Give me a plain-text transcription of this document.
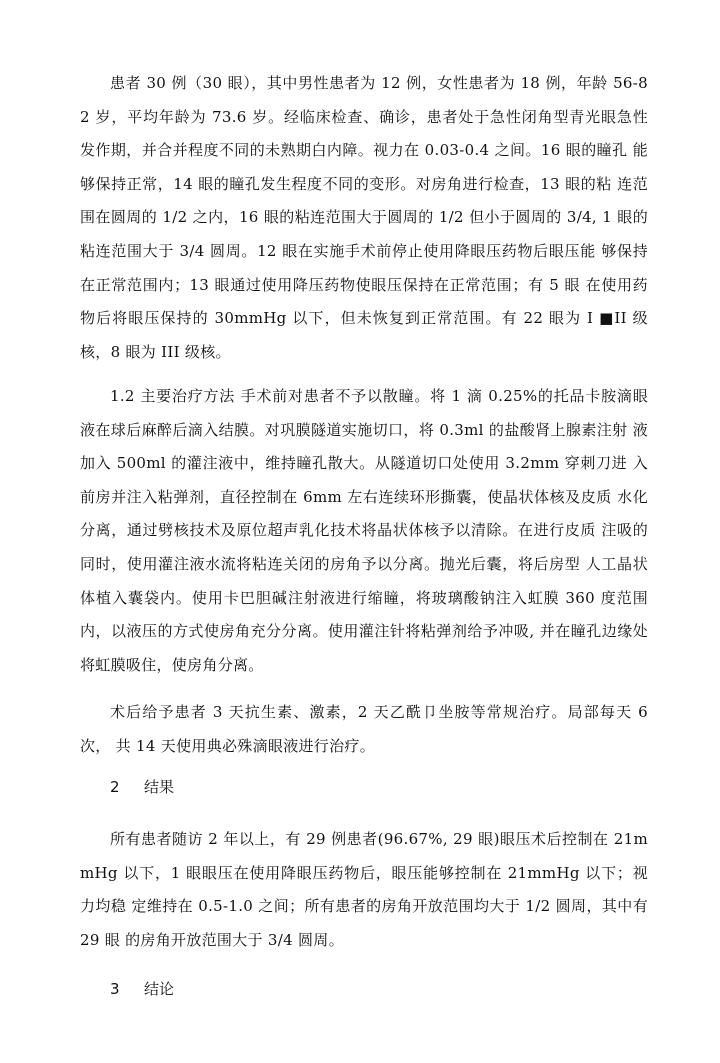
患者 30 例（30 眼），其中男性患者为 12 例，女性患者为 18 例，年龄 56-82 岁，平均年龄为 73.6 岁。经临床检查、确诊，患者处于急性闭角型青光眼急性 发作期，并合并程度不同的未熟期白内障。视力在 0.03-0.4 之间。16 眼的瞳孔 能够保持正常，14 眼的瞳孔发生程度不同的变形。对房角进行检查，13 眼的粘 连范围在圆周的 1/2 之内，16 眼的粘连范围大于圆周的 1/2 但小于圆周的 3/4, 1 眼的粘连范围大于 3/4 圆周。12 眼在实施手术前停止使用降眼压药物后眼压能 够保持在正常范围内；13 眼通过使用降压药物使眼压保持在正常范围；有 5 眼 在使用药物后将眼压保持的 30mmHg 以下，但未恢复到正常范围。有 22 眼为 I ■II 级核，8 眼为 III 级核。

1.2 主要治疗方法 手术前对患者不予以散瞳。将 1 滴 0.25%的托品卡胺滴眼 液在球后麻醉后滴入结膜。对巩膜隧道实施切口，将 0.3ml 的盐酸肾上腺素注射 液加入 500ml 的灌注液中，维持瞳孔散大。从隧道切口处使用 3.2mm 穿刺刀进 入前房并注入粘弹剂，直径控制在 6mm 左右连续环形撕囊，使晶状体核及皮质 水化分离，通过劈核技术及原位超声乳化技术将晶状体核予以清除。在进行皮质 注吸的同时，使用灌注液水流将粘连关闭的房角予以分离。抛光后囊，将后房型 人工晶状体植入囊袋内。使用卡巴胆碱注射液进行缩瞳，将玻璃酸钠注入虹膜 360 度范围内，以液压的方式使房角充分分离。使用灌注针将粘弹剂给予冲吸, 并在瞳孔边缘处将虹膜吸住，使房角分离。

术后给予患者 3 天抗生素、激素，2 天乙酰卩坐胺等常规治疗。局部每天 6 次， 共 14 天使用典必殊滴眼液进行治疗。

2 结果

所有患者随访 2 年以上，有 29 例患者(96.67%, 29 眼)眼压术后控制在 21mmHg 以下，1 眼眼压在使用降眼压药物后，眼压能够控制在 21mmHg 以下；视力均稳 定维持在 0.5-1.0 之间；所有患者的房角开放范围均大于 1/2 圆周，其中有 29 眼 的房角开放范围大于 3/4 圆周。

3 结论
